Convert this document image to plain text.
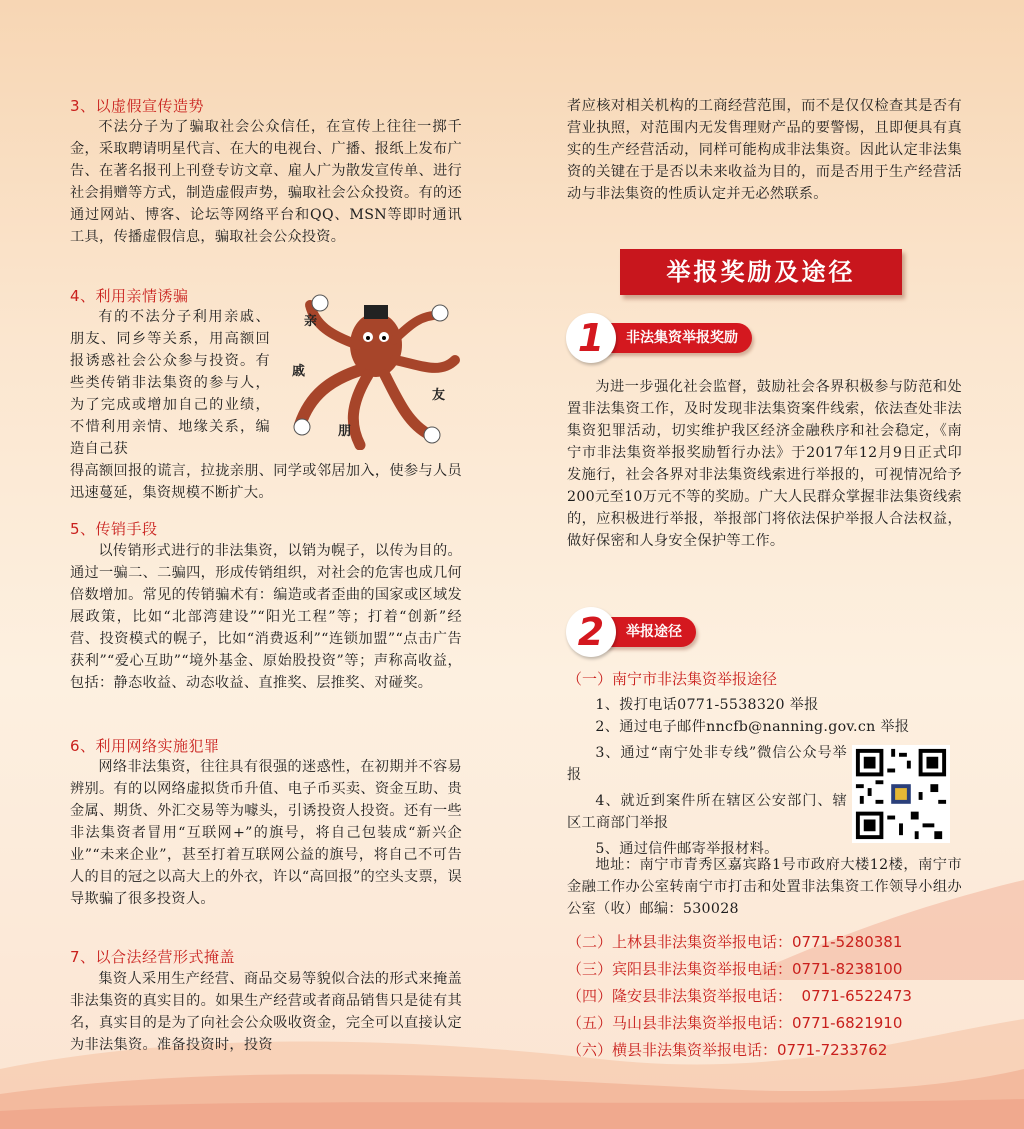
3、以虚假宣传造势

不法分子为了骗取社会公众信任，在宣传上往往一掷千金，采取聘请明星代言、在大的电视台、广播、报纸上发布广告、在著名报刊上刊登专访文章、雇人广为散发宣传单、进行社会捐赠等方式，制造虚假声势，骗取社会公众投资。有的还通过网站、博客、论坛等网络平台和QQ、MSN等即时通讯工具，传播虚假信息，骗取社会公众投资。

4、利用亲情诱骗

有的不法分子利用亲戚、朋友、同乡等关系，用高额回报诱惑社会公众参与投资。有些类传销非法集资的参与人，为了完成或增加自己的业绩，不惜利用亲情、地缘关系，编造自己获

得高额回报的谎言，拉拢亲朋、同学或邻居加入，使参与人员迅速蔓延，集资规模不断扩大。

5、传销手段

以传销形式进行的非法集资，以销为幌子，以传为目的。通过一骗二、二骗四，形成传销组织，对社会的危害也成几何倍数增加。常见的传销骗术有：编造或者歪曲的国家或区域发展政策，比如“北部湾建设”“阳光工程”等；打着“创新”经营、投资模式的幌子，比如“消费返利”“连锁加盟”“点击广告获利”“爱心互助”“境外基金、原始股投资”等；声称高收益，包括：静态收益、动态收益、直推奖、层推奖、对碰奖。

6、利用网络实施犯罪

网络非法集资，往往具有很强的迷惑性，在初期并不容易辨别。有的以网络虚拟货币升值、电子币买卖、资金互助、贵金属、期货、外汇交易等为噱头，引诱投资人投资。还有一些非法集资者冒用“互联网+”的旗号，将自己包装成“新兴企业”“未来企业”，甚至打着互联网公益的旗号，将自己不可告人的目的冠之以高大上的外衣，许以“高回报”的空头支票，误导欺骗了很多投资人。

7、以合法经营形式掩盖

集资人采用生产经营、商品交易等貌似合法的形式来掩盖非法集资的真实目的。如果生产经营或者商品销售只是徒有其名，真实目的是为了向社会公众吸收资金，完全可以直接认定为非法集资。准备投资时，投资

亲
戚
朋
友

者应核对相关机构的工商经营范围，而不是仅仅检查其是否有营业执照，对范围内无发售理财产品的要警惕，且即便具有真实的生产经营活动，同样可能构成非法集资。因此认定非法集资的关键在于是否以未来收益为目的，而是否用于生产经营活动与非法集资的性质认定并无必然联系。

举报奖励及途径
1	非法集资举报奖励

为进一步强化社会监督，鼓励社会各界积极参与防范和处置非法集资工作，及时发现非法集资案件线索，依法查处非法集资犯罪活动，切实维护我区经济金融秩序和社会稳定，《南宁市非法集资举报奖励暂行办法》于2017年12月9日正式印发施行，社会各界对非法集资线索进行举报的，可视情况给予200元至10万元不等的奖励。广大人民群众掌握非法集资线索的，应积极进行举报，举报部门将依法保护举报人合法权益，做好保密和人身安全保护等工作。

2	举报途径
（一）南宁市非法集资举报途径

1、拨打电话0771-5538320 举报

2、通过电子邮件nncfb@nanning.gov.cn 举报

3、通过“南宁处非专线”微信公众号举报

4、就近到案件所在辖区公安部门、辖区工商部门举报

5、通过信件邮寄举报材料。

地址：南宁市青秀区嘉宾路1号市政府大楼12楼，南宁市金融工作办公室转南宁市打击和处置非法集资工作领导小组办公室（收）邮编：530028

（二）上林县非法集资举报电话：0771-5280381
（三）宾阳县非法集资举报电话：0771-8238100
（四）隆安县非法集资举报电话：  0771-6522473
（五）马山县非法集资举报电话：0771-6821910
（六）横县非法集资举报电话：0771-7233762
